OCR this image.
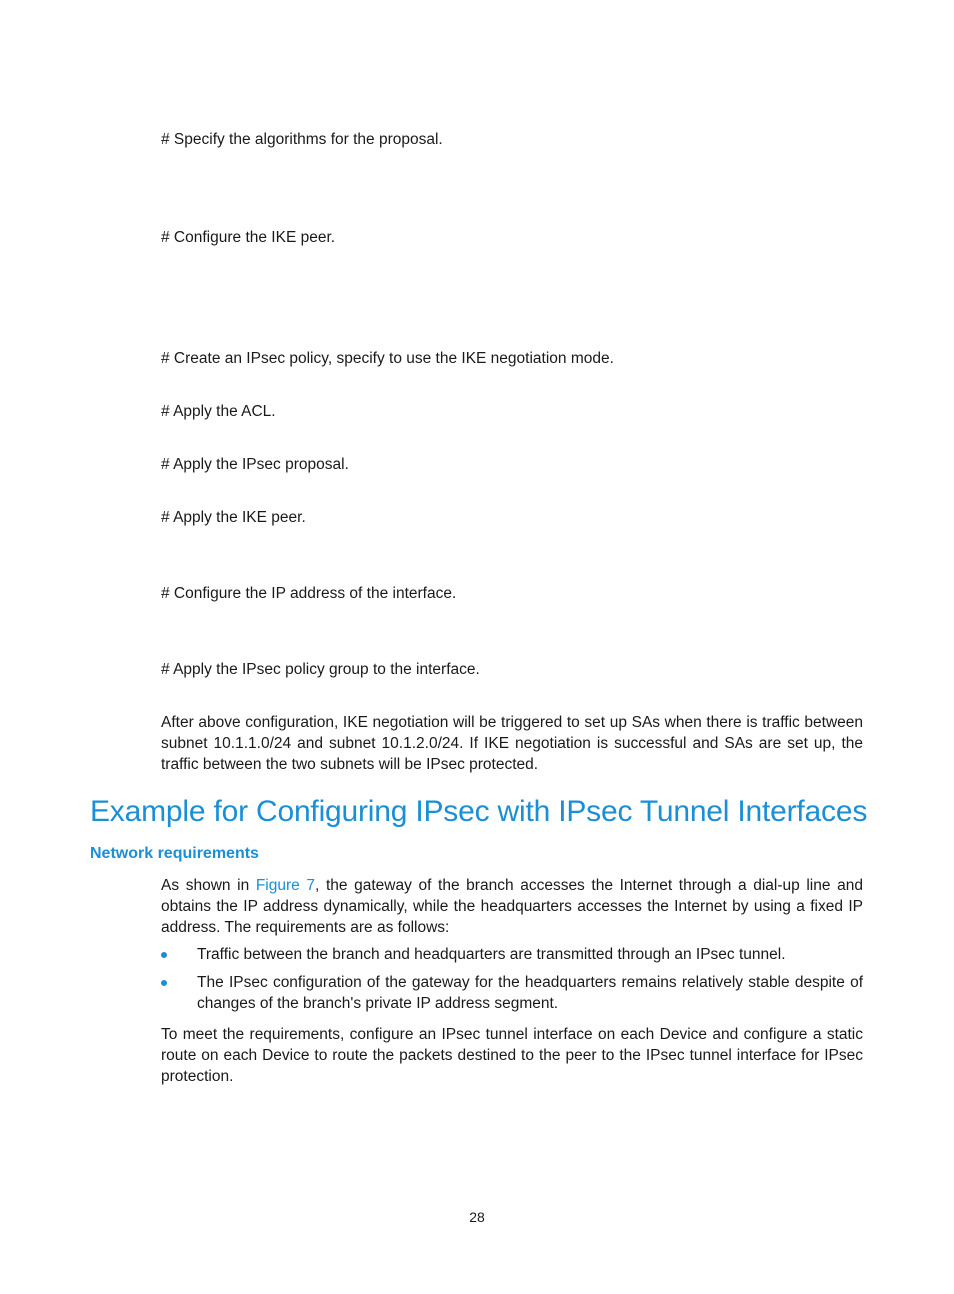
# Specify the algorithms for the proposal.
# Configure the IKE peer.
# Create an IPsec policy, specify to use the IKE negotiation mode.
# Apply the ACL.
# Apply the IPsec proposal.
# Apply the IKE peer.
# Configure the IP address of the interface.
# Apply the IPsec policy group to the interface.
After above configuration, IKE negotiation will be triggered to set up SAs when there is traffic between subnet 10.1.1.0/24 and subnet 10.1.2.0/24. If IKE negotiation is successful and SAs are set up, the traffic between the two subnets will be IPsec protected.
Example for Configuring IPsec with IPsec Tunnel Interfaces
Network requirements
As shown in Figure 7, the gateway of the branch accesses the Internet through a dial-up line and obtains the IP address dynamically, while the headquarters accesses the Internet by using a fixed IP address. The requirements are as follows:
Traffic between the branch and headquarters are transmitted through an IPsec tunnel.
The IPsec configuration of the gateway for the headquarters remains relatively stable despite of changes of the branch's private IP address segment.
To meet the requirements, configure an IPsec tunnel interface on each Device and configure a static route on each Device to route the packets destined to the peer to the IPsec tunnel interface for IPsec protection.
28
